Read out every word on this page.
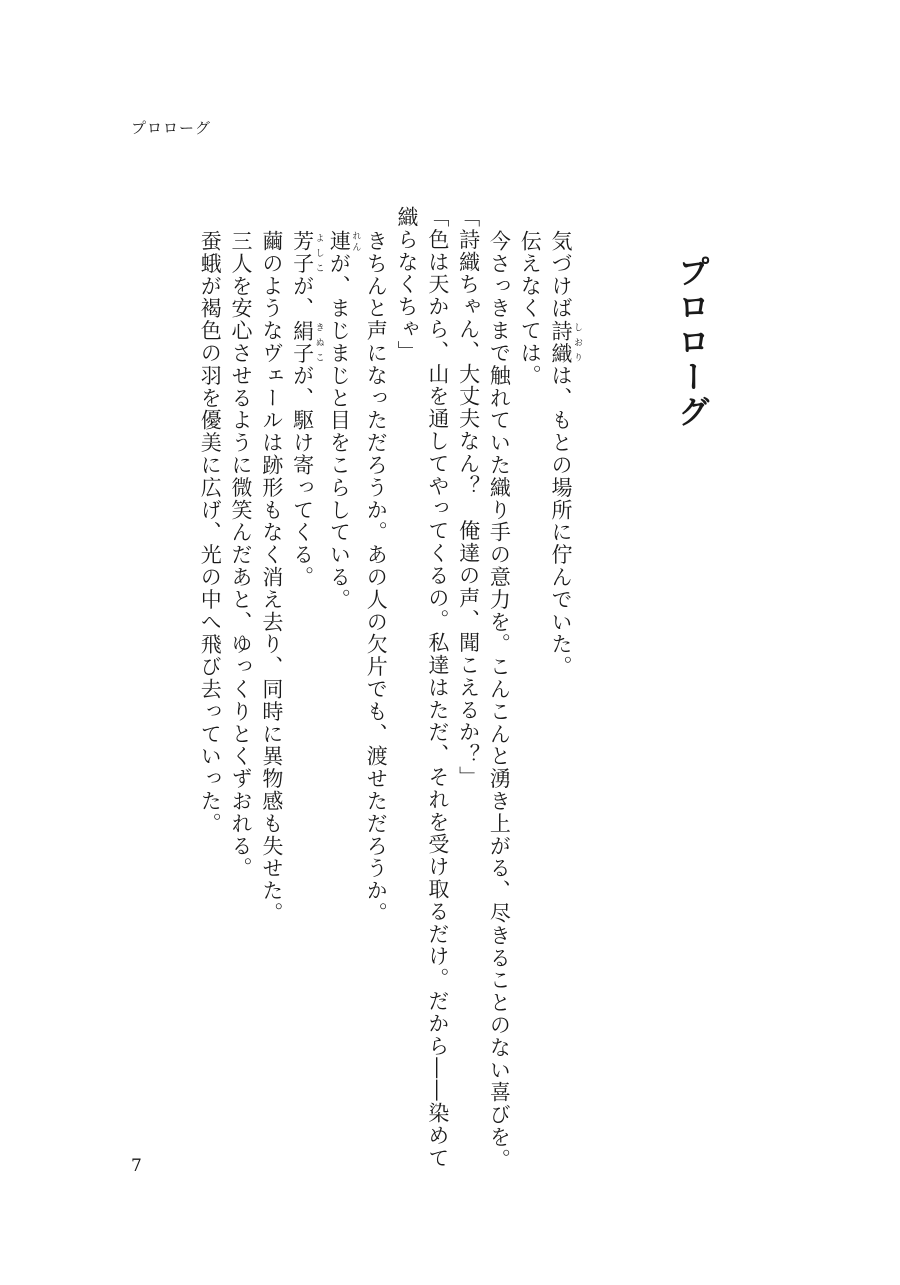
プロローグ
プロローグ
気づけば詩織 しおりは、もとの場所に佇んでいた。
伝えなくては。
今さっきまで触れていた織り手の意力を。こんこんと湧き上がる、尽きることのない喜びを。
「詩織ちゃん、大丈夫なん？　俺達の声、聞こえるか？」
「色は天から、山を通してやってくるの。私達はただ、それを受け取るだけ。だから――染めて
織らなくちゃ」
きちんと声になっただろうか。あの人の欠片でも、渡せただろうか。
連 れんが、まじまじと目をこらしている。
芳子 よしこが、絹子 きぬこが、駆け寄ってくる。
繭のようなヴェールは跡形もなく消え去り、同時に異物感も失せた。
三人を安心させるように微笑んだあと、ゆっくりとくずおれる。
蚕蛾が褐色の羽を優美に広げ、光の中へ飛び去っていった。
7
